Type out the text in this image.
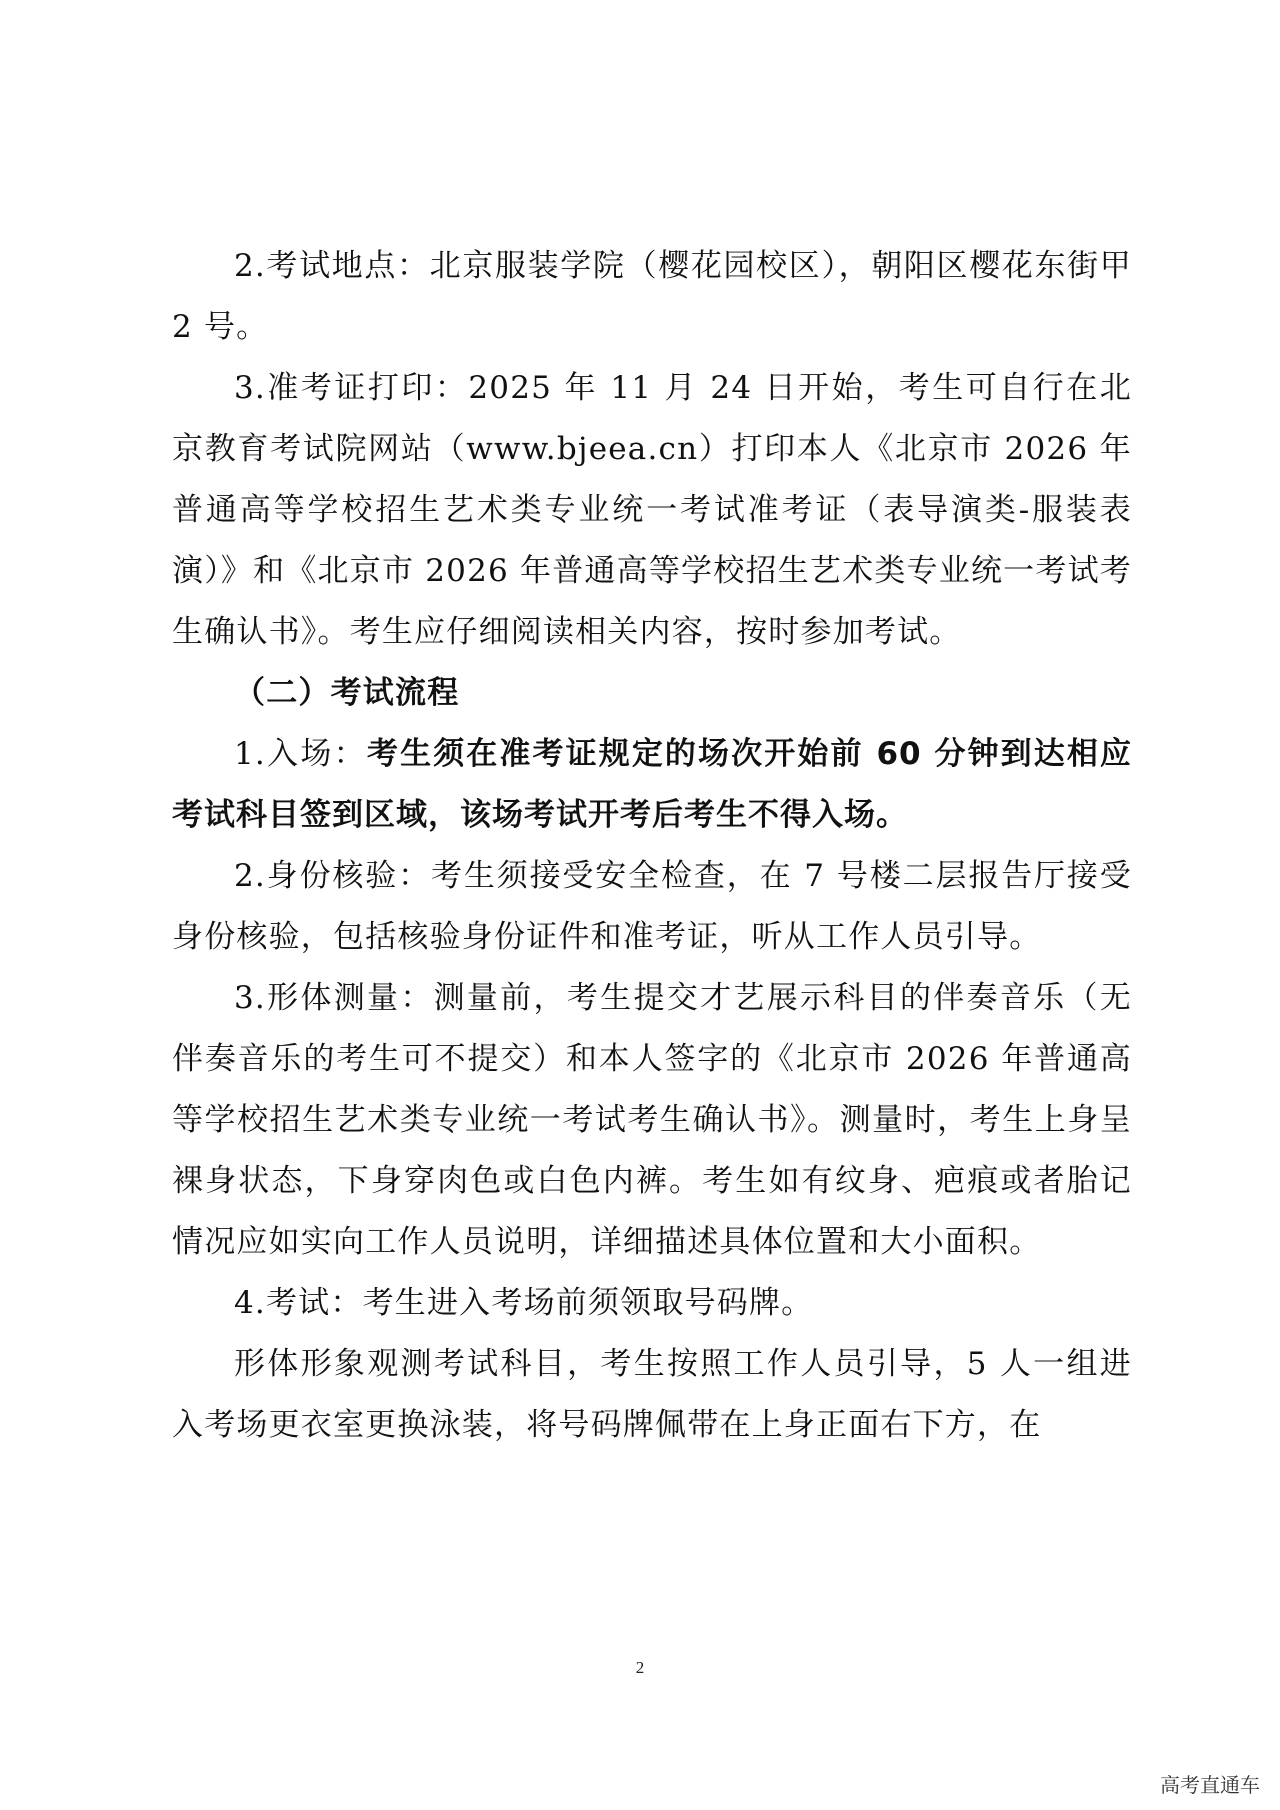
2.考试地点：北京服装学院（樱花园校区），朝阳区樱花东街甲 2 号。

3.准考证打印：2025 年 11 月 24 日开始，考生可自行在北京教育考试院网站（www.bjeea.cn）打印本人《北京市 2026 年普通高等学校招生艺术类专业统一考试准考证（表导演类-服装表演）》和《北京市 2026 年普通高等学校招生艺术类专业统一考试考生确认书》。考生应仔细阅读相关内容，按时参加考试。

（二）考试流程

1.入场：考生须在准考证规定的场次开始前 60 分钟到达相应考试科目签到区域，该场考试开考后考生不得入场。

2.身份核验：考生须接受安全检查，在 7 号楼二层报告厅接受身份核验，包括核验身份证件和准考证，听从工作人员引导。

3.形体测量：测量前，考生提交才艺展示科目的伴奏音乐（无伴奏音乐的考生可不提交）和本人签字的《北京市 2026 年普通高等学校招生艺术类专业统一考试考生确认书》。测量时，考生上身呈裸身状态，下身穿肉色或白色内裤。考生如有纹身、疤痕或者胎记情况应如实向工作人员说明，详细描述具体位置和大小面积。

4.考试：考生进入考场前须领取号码牌。

形体形象观测考试科目，考生按照工作人员引导，5 人一组进入考场更衣室更换泳装，将号码牌佩带在上身正面右下方，在

2
高考直通车
